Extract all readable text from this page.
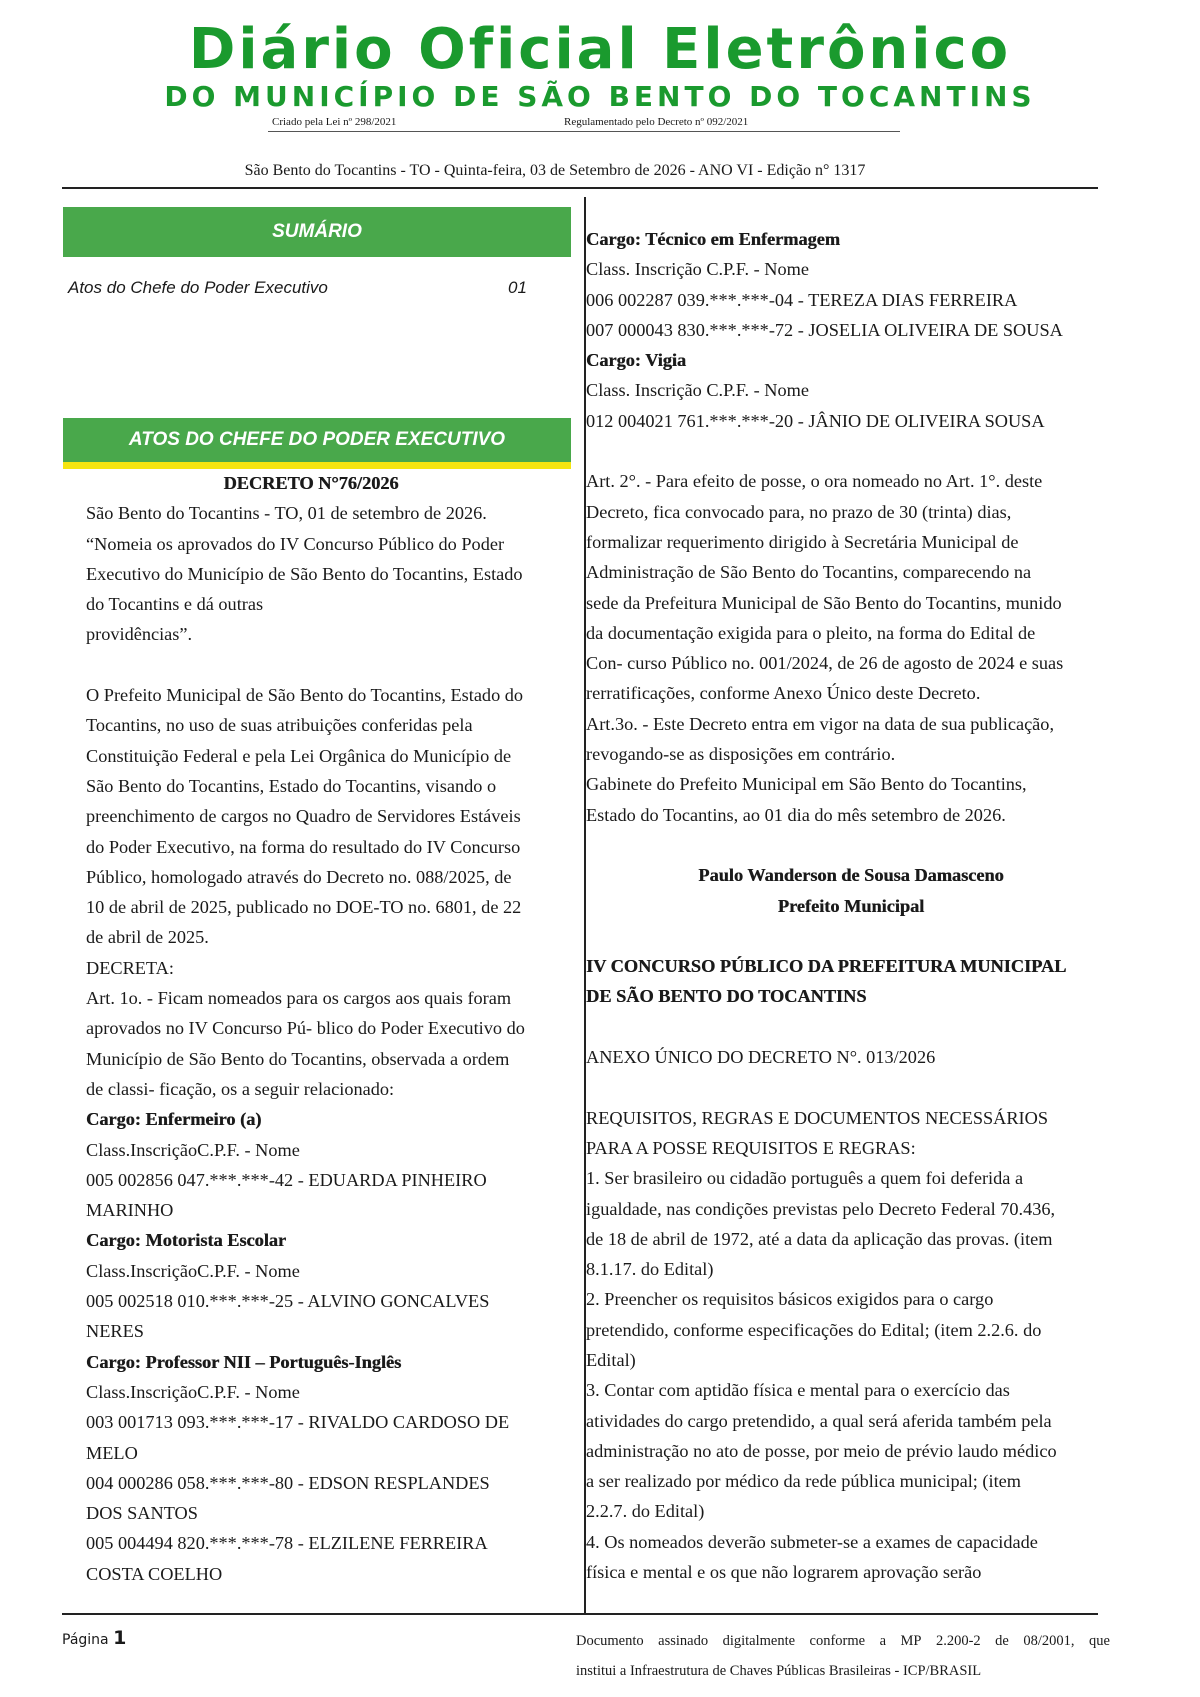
Diário Oficial Eletrônico
DO MUNICÍPIO DE SÃO BENTO DO TOCANTINS
Criado pela Lei nº 298/2021	Regulamentado pelo Decreto nº 092/2021
São Bento do Tocantins - TO - Quinta-feira, 03 de Setembro de 2026 - ANO VI - Edição n° 1317
SUMÁRIO
Atos do Chefe do Poder Executivo	01
ATOS DO CHEFE DO PODER EXECUTIVO
DECRETO N°76/2026
São Bento do Tocantins - TO, 01 de setembro de 2026.
“Nomeia os aprovados do IV Concurso Público do Poder
Executivo do Município de São Bento do Tocantins, Estado
do Tocantins e dá outras
providências”.
O Prefeito Municipal de São Bento do Tocantins, Estado do
Tocantins, no uso de suas atribuições conferidas pela
Constituição Federal e pela Lei Orgânica do Município de
São Bento do Tocantins, Estado do Tocantins, visando o
preenchimento de cargos no Quadro de Servidores Estáveis
do Poder Executivo, na forma do resultado do IV Concurso
Público, homologado através do Decreto no. 088/2025, de
10 de abril de 2025, publicado no DOE-TO no. 6801, de 22
de abril de 2025.
DECRETA:
Art. 1o. - Ficam nomeados para os cargos aos quais foram
aprovados no IV Concurso Pú- blico do Poder Executivo do
Município de São Bento do Tocantins, observada a ordem
de classi- ficação, os a seguir relacionado:
Cargo: Enfermeiro (a)
Class.InscriçãoC.P.F. - Nome
005 002856 047.***.***-42 - EDUARDA PINHEIRO
MARINHO
Cargo: Motorista Escolar
Class.InscriçãoC.P.F. - Nome
005 002518 010.***.***-25 - ALVINO GONCALVES
NERES
Cargo: Professor NII – Português-Inglês
Class.InscriçãoC.P.F. - Nome
003 001713 093.***.***-17 - RIVALDO CARDOSO DE
MELO
004 000286 058.***.***-80 - EDSON RESPLANDES
DOS SANTOS
005 004494 820.***.***-78 - ELZILENE FERREIRA
COSTA COELHO
Cargo: Técnico em Enfermagem
Class. Inscrição C.P.F. - Nome
006 002287 039.***.***-04 - TEREZA DIAS FERREIRA
007 000043 830.***.***-72 - JOSELIA OLIVEIRA DE SOUSA
Cargo: Vigia
Class. Inscrição C.P.F. - Nome
012 004021 761.***.***-20 - JÂNIO DE OLIVEIRA SOUSA
Art. 2°. - Para efeito de posse, o ora nomeado no Art. 1°. deste
Decreto, fica convocado para, no prazo de 30 (trinta) dias,
formalizar requerimento dirigido à Secretária Municipal de
Administração de São Bento do Tocantins, comparecendo na
sede da Prefeitura Municipal de São Bento do Tocantins, munido
da documentação exigida para o pleito, na forma do Edital de
Con- curso Público no. 001/2024, de 26 de agosto de 2024 e suas
rerratificações, conforme Anexo Único deste Decreto.
Art.3o. - Este Decreto entra em vigor na data de sua publicação,
revogando-se as disposições em contrário.
Gabinete do Prefeito Municipal em São Bento do Tocantins,
Estado do Tocantins, ao 01 dia do mês setembro de 2026.
Paulo Wanderson de Sousa Damasceno
Prefeito Municipal
IV CONCURSO PÚBLICO DA PREFEITURA MUNICIPAL
DE SÃO BENTO DO TOCANTINS
ANEXO ÚNICO DO DECRETO N°. 013/2026
REQUISITOS, REGRAS E DOCUMENTOS NECESSÁRIOS
PARA A POSSE REQUISITOS E REGRAS:
1. Ser brasileiro ou cidadão português a quem foi deferida a
igualdade, nas condições previstas pelo Decreto Federal 70.436,
de 18 de abril de 1972, até a data da aplicação das provas. (item
8.1.17. do Edital)
2. Preencher os requisitos básicos exigidos para o cargo
pretendido, conforme especificações do Edital; (item 2.2.6. do
Edital)
3. Contar com aptidão física e mental para o exercício das
atividades do cargo pretendido, a qual será aferida também pela
administração no ato de posse, por meio de prévio laudo médico
a ser realizado por médico da rede pública municipal; (item
2.2.7. do Edital)
4. Os nomeados deverão submeter-se a exames de capacidade
física e mental e os que não lograrem aprovação serão
Página 1	Documento assinado digitalmente conforme a MP 2.200-2 de 08/2001, que
institui a Infraestrutura de Chaves Públicas Brasileiras - ICP/BRASIL
